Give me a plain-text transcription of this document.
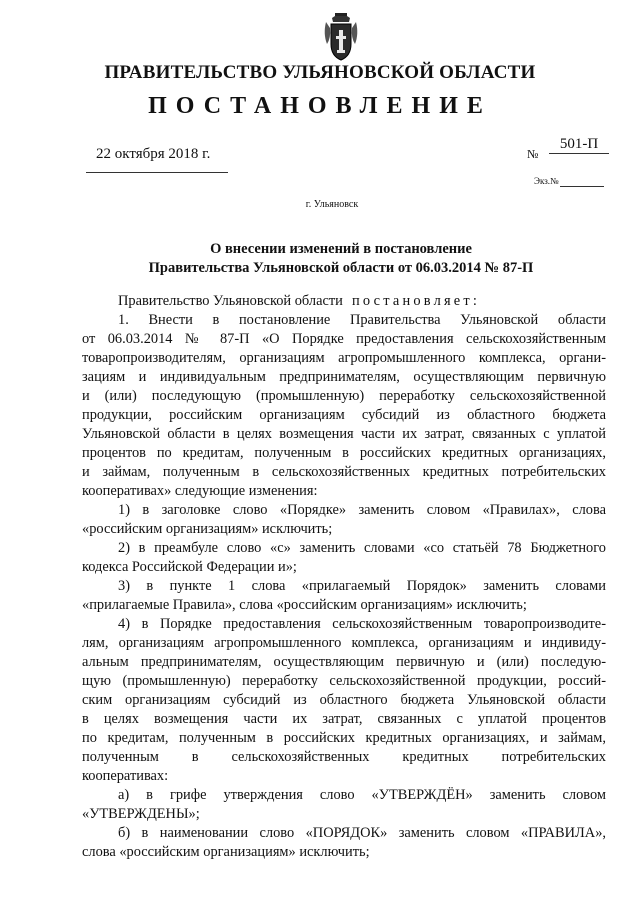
ПРАВИТЕЛЬСТВО УЛЬЯНОВСКОЙ ОБЛАСТИ
ПОСТАНОВЛЕНИЕ
22 октября 2018 г.	№
501-П
Экз.№
г. Ульяновск
О внесении изменений в постановление
Правительства Ульяновской области от 06.03.2014 № 87-П
Правительство Ульяновской области постановляет:
1. Внести в постановление Правительства Ульяновской области
от 06.03.2014 № 87-П «О Порядке предоставления сельскохозяйственным
товаропроизводителям, организациям агропромышленного комплекса, органи-
зациям и индивидуальным предпринимателям, осуществляющим первичную
и (или) последующую (промышленную) переработку сельскохозяйственной
продукции, российским организациям субсидий из областного бюджета
Ульяновской области в целях возмещения части их затрат, связанных с уплатой
процентов по кредитам, полученным в российских кредитных организациях,
и займам, полученным в сельскохозяйственных кредитных потребительских
кооперативах» следующие изменения:
1) в заголовке слово «Порядке» заменить словом «Правилах», слова
«российским организациям» исключить;
2) в преамбуле слово «с» заменить словами «со статьёй 78 Бюджетного
кодекса Российской Федерации и»;
3) в пункте 1 слова «прилагаемый Порядок» заменить словами
«прилагаемые Правила», слова «российским организациям» исключить;
4) в Порядке предоставления сельскохозяйственным товаропроизводите-
лям, организациям агропромышленного комплекса, организациям и индивиду-
альным предпринимателям, осуществляющим первичную и (или) последую-
щую (промышленную) переработку сельскохозяйственной продукции, россий-
ским организациям субсидий из областного бюджета Ульяновской области
в целях возмещения части их затрат, связанных с уплатой процентов
по кредитам, полученным в российских кредитных организациях, и займам,
полученным в сельскохозяйственных кредитных потребительских
кооперативах:
а) в грифе утверждения слово «УТВЕРЖДЁН» заменить словом
«УТВЕРЖДЕНЫ»;
б) в наименовании слово «ПОРЯДОК» заменить словом «ПРАВИЛА»,
слова «российским организациям» исключить;
